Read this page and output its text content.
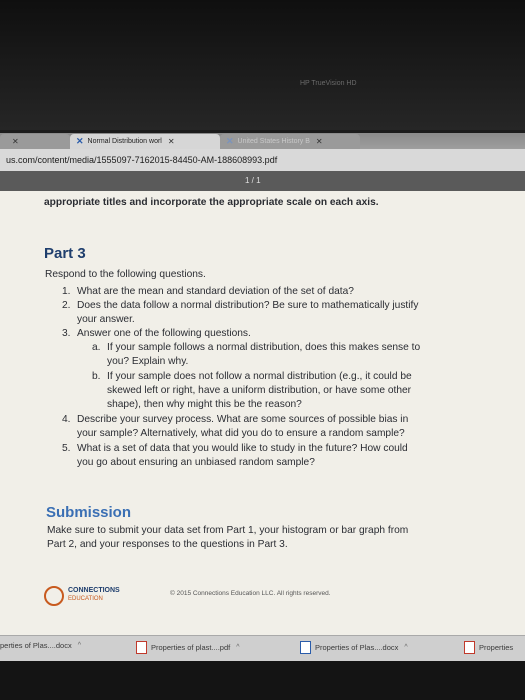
HP TrueVision HD
✕	✕ Normal Distribution worl ✕	✕ United States History B ✕
us.com/content/media/1555097-7162015-84450-AM-188608993.pdf
1 / 1
appropriate titles and incorporate the appropriate scale on each axis.
Part 3
Respond to the following questions.
1. What are the mean and standard deviation of the set of data?
2. Does the data follow a normal distribution? Be sure to mathematically justify
your answer.
3. Answer one of the following questions.
a. If your sample follows a normal distribution, does this makes sense to
you? Explain why.
b. If your sample does not follow a normal distribution (e.g., it could be
skewed left or right, have a uniform distribution, or have some other
shape), then why might this be the reason?
4. Describe your survey process. What are some sources of possible bias in
your sample? Alternatively, what did you do to ensure a random sample?
5. What is a set of data that you would like to study in the future? How could
you go about ensuring an unbiased random sample?
Submission
Make sure to submit your data set from Part 1, your histogram or bar graph from
Part 2, and your responses to the questions in Part 3.
CONNECTIONS
EDUCATION
© 2015 Connections Education LLC. All rights reserved.
perties of Plas....docx ^	Properties of plast....pdf ^	Properties of Plas....docx ^	Properties
